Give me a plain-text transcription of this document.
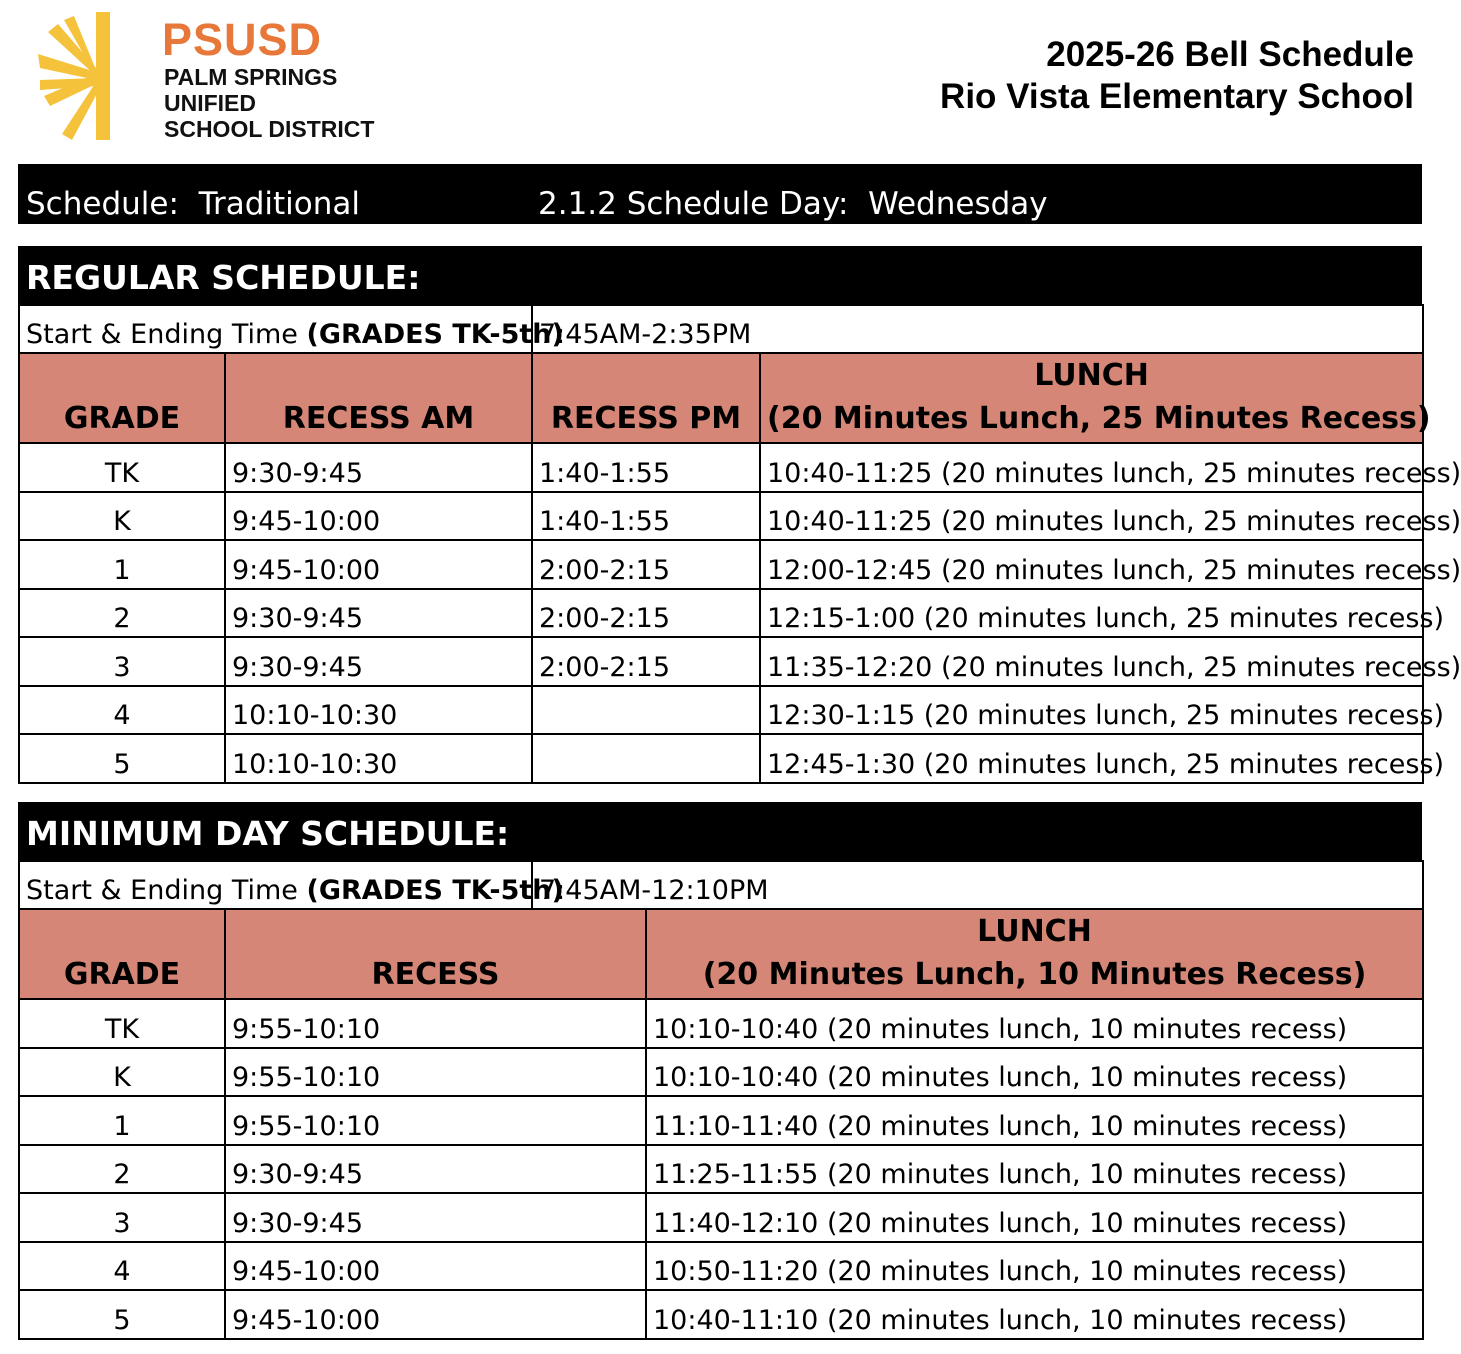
PSUSD
PALM SPRINGS
UNIFIED
SCHOOL DISTRICT
2025-26 Bell Schedule
Rio Vista Elementary School
Schedule:  Traditional	2.1.2 Schedule Day:  Wednesday
REGULAR SCHEDULE:
Start & Ending Time (GRADES TK-5th)		7:45AM-2:35PM	
GRADE	RECESS AM	RECESS PM	LUNCH
(20 Minutes Lunch, 25 Minutes Recess)

TK	9:30-9:45	1:40-1:55	10:40-11:25 (20 minutes lunch, 25 minutes recess)
K	9:45-10:00	1:40-1:55	10:40-11:25 (20 minutes lunch, 25 minutes recess)
1	9:45-10:00	2:00-2:15	12:00-12:45 (20 minutes lunch, 25 minutes recess)
2	9:30-9:45	2:00-2:15	12:15-1:00 (20 minutes lunch, 25 minutes recess)
3	9:30-9:45	2:00-2:15	11:35-12:20 (20 minutes lunch, 25 minutes recess)
4	10:10-10:30		12:30-1:15 (20 minutes lunch, 25 minutes recess)
5	10:10-10:30		12:45-1:30 (20 minutes lunch, 25 minutes recess)
MINIMUM DAY SCHEDULE:
Start & Ending Time (GRADES TK-5th)		7:45AM-12:10PM	
GRADE	RECESS		LUNCH
(20 Minutes Lunch, 10 Minutes Recess)

TK	9:55-10:10		10:10-10:40 (20 minutes lunch, 10 minutes recess)
K	9:55-10:10		10:10-10:40 (20 minutes lunch, 10 minutes recess)
1	9:55-10:10		11:10-11:40 (20 minutes lunch, 10 minutes recess)
2	9:30-9:45		11:25-11:55 (20 minutes lunch, 10 minutes recess)
3	9:30-9:45		11:40-12:10 (20 minutes lunch, 10 minutes recess)
4	9:45-10:00		10:50-11:20 (20 minutes lunch, 10 minutes recess)
5	9:45-10:00		10:40-11:10 (20 minutes lunch, 10 minutes recess)
